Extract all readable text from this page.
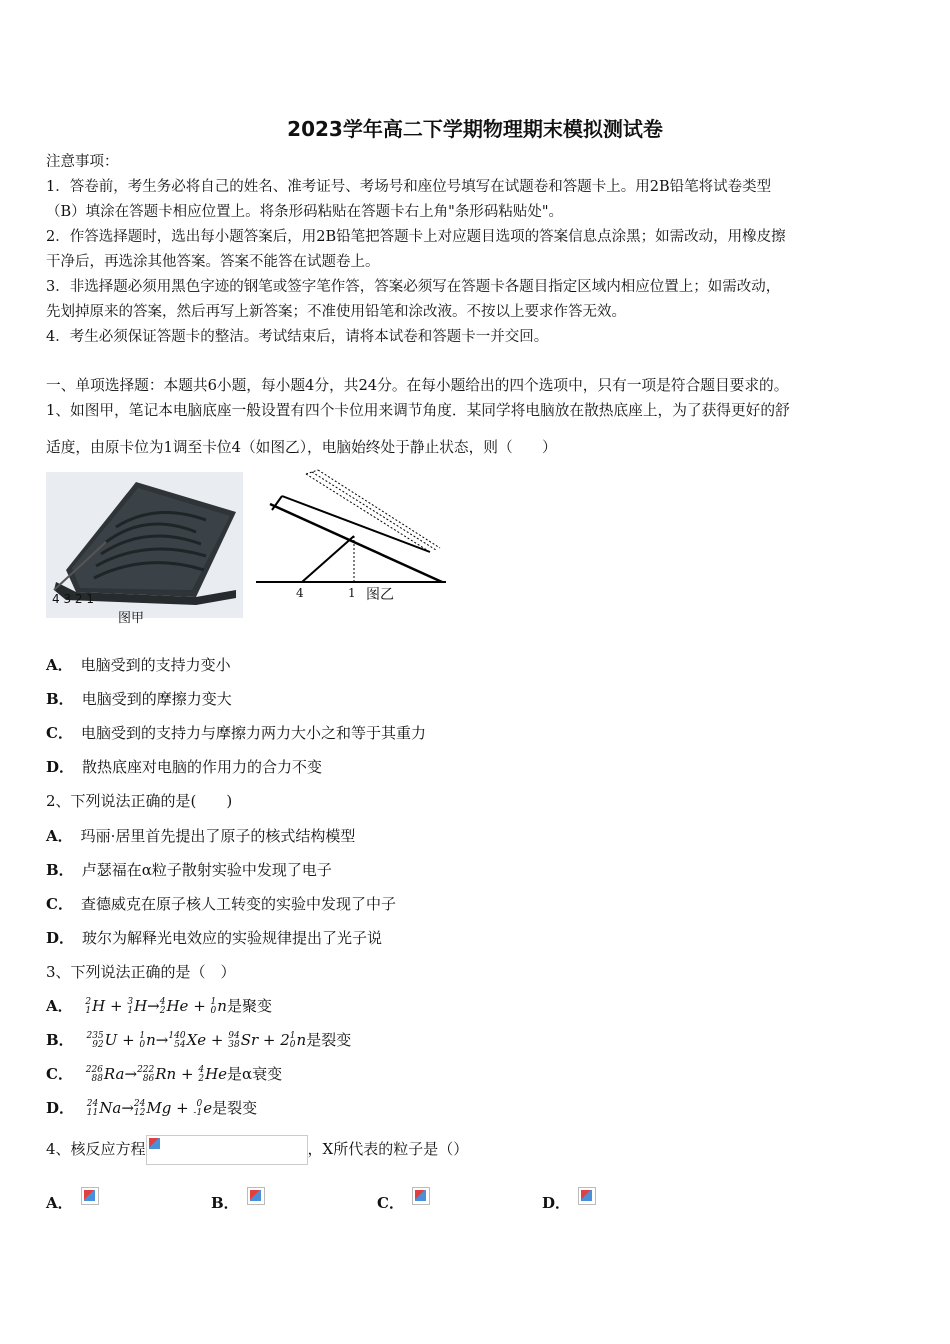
2023学年高二下学期物理期末模拟测试卷
注意事项：
1．答卷前，考生务必将自己的姓名、准考证号、考场号和座位号填写在试题卷和答题卡上。用2B铅笔将试卷类型
（B）填涂在答题卡相应位置上。将条形码粘贴在答题卡右上角"条形码粘贴处"。
2．作答选择题时，选出每小题答案后，用2B铅笔把答题卡上对应题目选项的答案信息点涂黑；如需改动，用橡皮擦
干净后，再选涂其他答案。答案不能答在试题卷上。
3．非选择题必须用黑色字迹的钢笔或签字笔作答，答案必须写在答题卡各题目指定区域内相应位置上；如需改动，
先划掉原来的答案，然后再写上新答案；不准使用铅笔和涂改液。不按以上要求作答无效。
4．考生必须保证答题卡的整洁。考试结束后，请将本试卷和答题卡一并交回。
一、单项选择题：本题共6小题，每小题4分，共24分。在每小题给出的四个选项中，只有一项是符合题目要求的。
1、如图甲，笔记本电脑底座一般设置有四个卡位用来调节角度．某同学将电脑放在散热底座上，为了获得更好的舒
适度，由原卡位为1调至卡位4（如图乙），电脑始终处于静止状态，则（　　）
4 3 2 1
图甲
4	1 图乙
A． 电脑受到的支持力变小
B． 电脑受到的摩擦力变大
C． 电脑受到的支持力与摩擦力两力大小之和等于其重力
D． 散热底座对电脑的作用力的合力不变
2、下列说法正确的是(　　)
A． 玛丽·居里首先提出了原子的核式结构模型
B． 卢瑟福在α粒子散射实验中发现了电子
C． 查德威克在原子核人工转变的实验中发现了中子
D． 玻尔为解释光电效应的实验规律提出了光子说
3、下列说法正确的是（　）
A． 2
1 H + 3
1 H→ 4
2 He + 1
0 n是聚变
B． 235
92 U + 1
0 n→ 140
54 Xe + 94
38 Sr + 2 1
0 n是裂变
C． 226
88 Ra→ 222
86 Rn + 4
2 He是α衰变
D． 24
11 Na→ 24
12 Mg + 0
-1 e是裂变
4、核反应方程	，X所代表的粒子是（）
A．	B．	C．	D．
